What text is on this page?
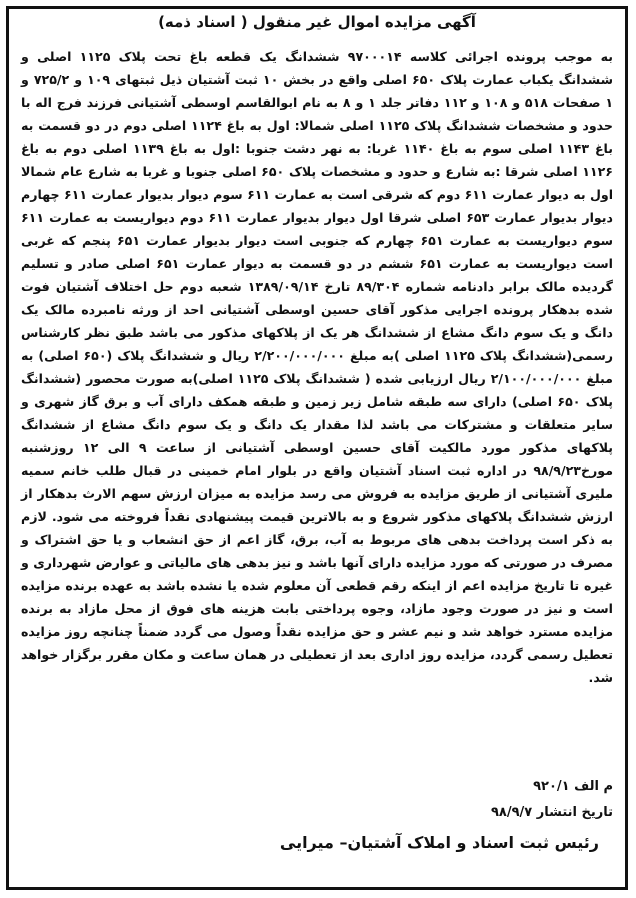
آگهی مزایده اموال غیر منقول ( اسناد ذمه)

به موجب پرونده اجرائی کلاسه ۹۷۰۰۰۱۴ ششدانگ یک قطعه باغ تحت پلاک ۱۱۲۵ اصلی و ششدانگ یکباب عمارت پلاک ۶۵۰ اصلی واقع در بخش ۱۰ ثبت آشتیان ذیل ثبتهای ۱۰۹ و ۷۲۵/۲ و ۱ صفحات ۵۱۸ و ۱۰۸ و ۱۱۲ دفاتر جلد ۱ و ۸ به نام ابوالقاسم اوسطی آشتیانی فرزند فرج اله با حدود و مشخصات ششدانگ پلاک ۱۱۲۵ اصلی شمالا: اول به باغ ۱۱۲۴ اصلی دوم در دو قسمت به باغ ۱۱۴۳ اصلی سوم به باغ ۱۱۴۰ غربا: به نهر دشت جنوبا :اول به باغ ۱۱۳۹ اصلی دوم به باغ ۱۱۲۶ اصلی شرقا :به شارع و حدود و مشخصات پلاک ۶۵۰ اصلی جنوبا و غربا به شارع عام شمالا اول به دیوار عمارت ۶۱۱ دوم که شرقی است به عمارت ۶۱۱ سوم دیوار بدیوار عمارت ۶۱۱ چهارم دیوار بدیوار عمارت ۶۵۳ اصلی شرقا اول دیوار بدیوار عمارت ۶۱۱ دوم دیواریست به عمارت ۶۱۱ سوم دیواریست به عمارت ۶۵۱ چهارم که جنوبی است دیوار بدیوار عمارت ۶۵۱ پنجم که غربی است دیواریست به عمارت ۶۵۱ ششم در دو قسمت به دیوار عمارت ۶۵۱ اصلی صادر و تسلیم گردیده مالک برابر دادنامه شماره ۸۹/۳۰۴ تارخ ۱۳۸۹/۰۹/۱۴ شعبه دوم حل اختلاف آشتیان فوت شده بدهکار پرونده اجرایی مذکور آقای حسین اوسطی آشتیانی احد از ورثه نامبرده مالک یک دانگ و یک سوم دانگ مشاع از ششدانگ هر یک از پلاکهای مذکور می باشد طبق نظر کارشناس رسمی(ششدانگ پلاک ۱۱۲۵ اصلی )به مبلغ ۲/۲۰۰/۰۰۰/۰۰۰ ریال و ششدانگ پلاک (۶۵۰ اصلی) به مبلغ ۲/۱۰۰/۰۰۰/۰۰۰ ریال ارزیابی شده ( ششدانگ پلاک ۱۱۲۵ اصلی)به صورت محصور (ششدانگ پلاک ۶۵۰ اصلی) دارای سه طبقه شامل زیر زمین و طبقه همکف دارای آب و برق گاز شهری و سایر متعلقات و مشترکات می باشد لذا مقدار یک دانگ و یک سوم دانگ مشاع از ششدانگ پلاکهای مذکور مورد مالکیت آقای حسین اوسطی آشتیانی از ساعت ۹ الی ۱۲ روزشنبه مورخ۹۸/۹/۲۳ در اداره ثبت اسناد آشتیان واقع در بلوار امام خمینی در قبال طلب خانم سمیه ملیری آشتیانی از طریق مزایده به فروش می رسد مزایده به میزان ارزش سهم الارث بدهکار از ارزش ششدانگ پلاکهای مذکور شروع و به بالاترین قیمت پیشنهادی نقداً فروخته می شود. لازم به ذکر است پرداخت بدهی های مربوط به آب، برق، گاز اعم از حق انشعاب و یا حق اشتراک و مصرف در صورتی که مورد مزایده دارای آنها باشد و نیز بدهی های مالیاتی و عوارض شهرداری و غیره تا تاریخ مزایده اعم از اینکه رقم قطعی آن معلوم شده یا نشده باشد به عهده برنده مزایده است و نیز در صورت وجود مازاد، وجوه پرداختی بابت هزینه های فوق از محل مازاد به برنده مزایده مسترد خواهد شد و نیم عشر و حق مزایده نقداً وصول می گردد ضمناً چنانچه روز مزایده تعطیل رسمی گردد، مزایده روز اداری بعد از تعطیلی در همان ساعت و مکان مقرر برگزار خواهد شد.

م الف ۹۲۰/۱
تاریخ انتشار ۹۸/۹/۷
رئیس ثبت اسناد و املاک آشتیان– میرایی
